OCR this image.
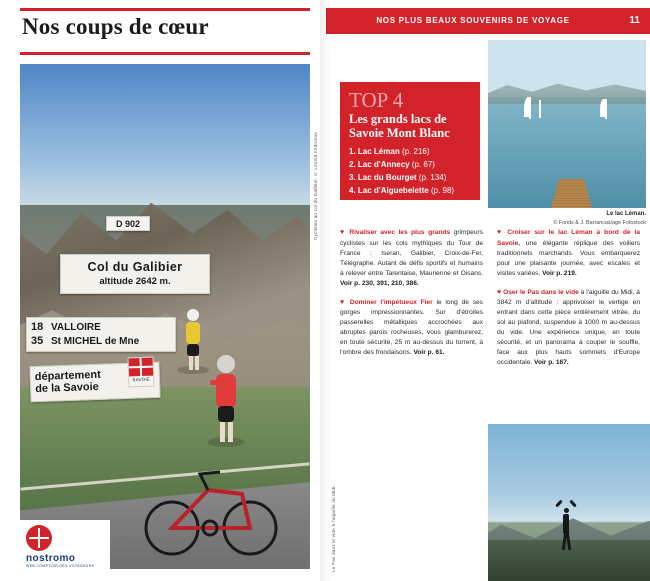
Nos coups de cœur
D 902
Col du Galibier
altitude 2642 m.
18 VALLOIRE
35 St MICHEL de Mne
département
de la Savoie
SAVOIE
nostromo
WEB COMPTOIR DES VOYAGEURS
Cyclistes au col du Galibier. © Leonid Andronov
NOS PLUS BEAUX SOUVENIRS DE VOYAGE	11
Le lac Léman.
© Fonds & J. Barrancas/age Fotostock
TOP 4
Les grands lacs de Savoie Mont Blanc
1. Lac Léman (p. 216)
2. Lac d'Annecy (p. 67)
3. Lac du Bourget (p. 134)
4. Lac d'Aiguebelette (p. 98)

♥ Rivaliser avec les plus grands grimpeurs cyclistes sur les cols mythiques du Tour de France : Iseran, Galibier, Croix-de-Fer, Télégraphe. Autant de défis sportifs et humains à relever entre Tarentaise, Maurienne et Oisans. Voir p. 230, 391, 210, 386.

♥ Dominer l'impétueux Fier le long de ses gorges impressionnantes. Sur d'étroites passerelles métalliques accrochées aux abruptes parois rocheuses, vous głamburerez, en toute sécurité, 25 m au-dessus du torrent, à l'ombre des frondaisons. Voir p. 61.

♥ Croiser sur le lac Léman à bord de la Savoie, une élégante réplique des voiliers traditionnels marchands. Vous embarquerez pour une plaisante journée, avec escales et visites variées. Voir p. 219.

♥ Oser le Pas dans le vide à l'aiguille du Midi, à 3842 m d'altitude : apprivoiser le vertige en entrant dans cette pièce entièrement vitrée, du sol au plafond, suspendue à 1000 m au-dessus du vide. Une expérience unique, en toute sécurité, et un panorama à couper le souffle, face aux plus hauts sommets d'Europe occidentale. Voir p. 167.

Le Pas dans le vide à l'aiguille du Midi.
